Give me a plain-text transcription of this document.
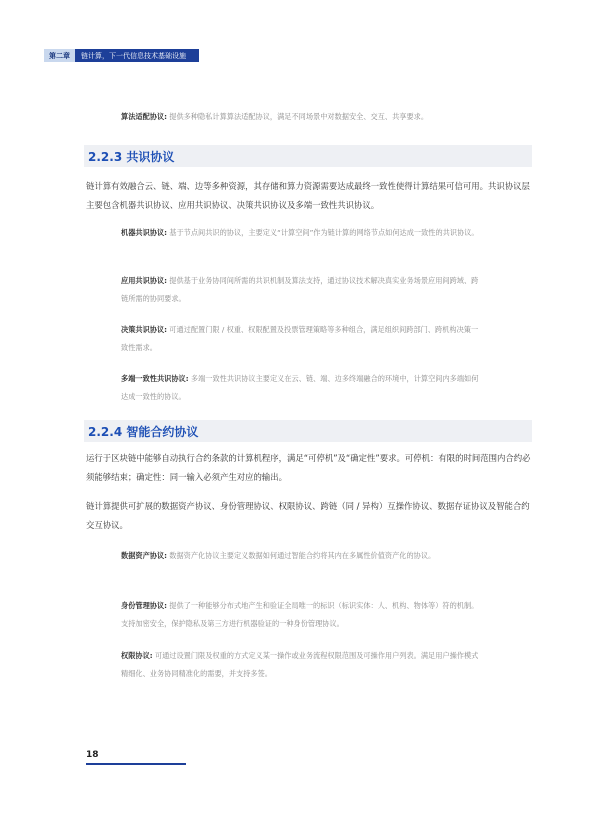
第二章	链计算，下一代信息技术基础设施
算法适配协议: 提供多种隐私计算算法适配协议，满足不同场景中对数据安全、交互、共享要求。
2.2.3 共识协议
链计算有效融合云、链、端、边等多种资源，其存储和算力资源需要达成最终一致性使得计算结果可信可用。共识协议层主要包含机器共识协议、应用共识协议、决策共识协议及多端一致性共识协议。
机器共识协议: 基于节点间共识的协议，主要定义“计算空间”作为链计算的网络节点如何达成一致性的共识协议。
应用共识协议: 提供基于业务协同间所需的共识机制及算法支持，通过协议技术解决真实业务场景应用间跨域、跨链所需的协同要求。
决策共识协议: 可通过配置门限 / 权重、权限配置及投票管理策略等多种组合，满足组织间跨部门、跨机构决策一致性需求。
多端一致性共识协议: 多端一致性共识协议主要定义在云、链、端、边多终端融合的环境中，计算空间内多端如何达成一致性的协议。
2.2.4 智能合约协议
运行于区块链中能够自动执行合约条款的计算机程序，满足“可停机”及“确定性”要求。可停机：有限的时间范围内合约必须能够结束；确定性：同一输入必须产生对应的输出。
链计算提供可扩展的数据资产协议、身份管理协议、权限协议、跨链（同 / 异构）互操作协议、数据存证协议及智能合约交互协议。
数据资产协议: 数据资产化协议主要定义数据如何通过智能合约将其内在多属性价值资产化的协议。
身份管理协议: 提供了一种能够分布式地产生和验证全局唯一的标识（标识实体：人、机构、物体等）符的机制。支持加密安全，保护隐私及第三方进行机器验证的一种身份管理协议。
权限协议: 可通过设置门限及权重的方式定义某一操作或业务流程权限范围及可操作用户列表。满足用户操作模式精细化、业务协同精准化的需要，并支持多签。
18
